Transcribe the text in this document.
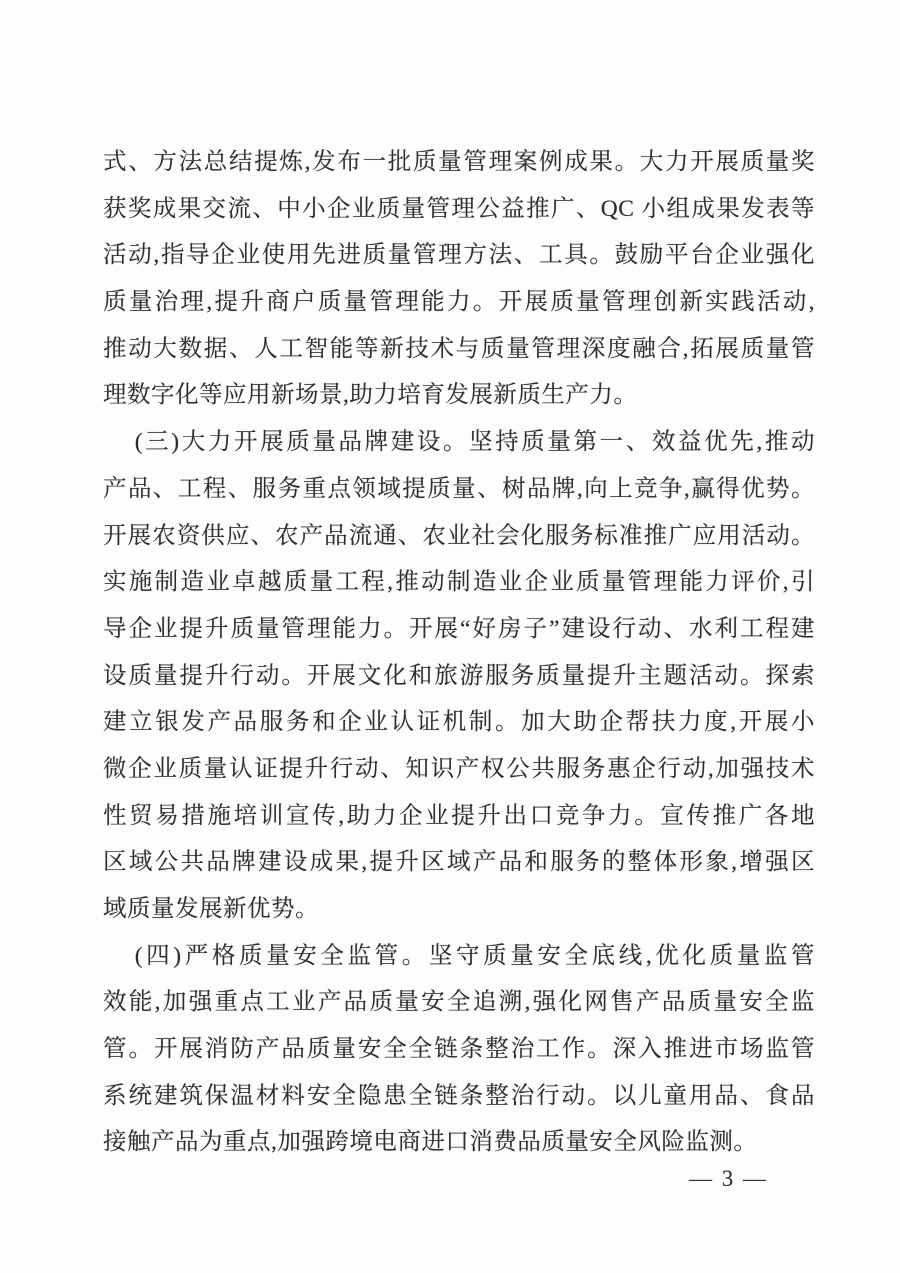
式、方法总结提炼,发布一批质量管理案例成果。大力开展质量奖
获奖成果交流、中小企业质量管理公益推广、QC 小组成果发表等
活动,指导企业使用先进质量管理方法、工具。鼓励平台企业强化
质量治理,提升商户质量管理能力。开展质量管理创新实践活动,
推动大数据、人工智能等新技术与质量管理深度融合,拓展质量管
理数字化等应用新场景,助力培育发展新质生产力。
(三)大力开展质量品牌建设。坚持质量第一、效益优先,推动
产品、工程、服务重点领域提质量、树品牌,向上竞争,赢得优势。
开展农资供应、农产品流通、农业社会化服务标准推广应用活动。
实施制造业卓越质量工程,推动制造业企业质量管理能力评价,引
导企业提升质量管理能力。开展“好房子”建设行动、水利工程建
设质量提升行动。开展文化和旅游服务质量提升主题活动。探索
建立银发产品服务和企业认证机制。加大助企帮扶力度,开展小
微企业质量认证提升行动、知识产权公共服务惠企行动,加强技术
性贸易措施培训宣传,助力企业提升出口竞争力。宣传推广各地
区域公共品牌建设成果,提升区域产品和服务的整体形象,增强区
域质量发展新优势。
(四)严格质量安全监管。坚守质量安全底线,优化质量监管
效能,加强重点工业产品质量安全追溯,强化网售产品质量安全监
管。开展消防产品质量安全全链条整治工作。深入推进市场监管
系统建筑保温材料安全隐患全链条整治行动。以儿童用品、食品
接触产品为重点,加强跨境电商进口消费品质量安全风险监测。
— 3 —
